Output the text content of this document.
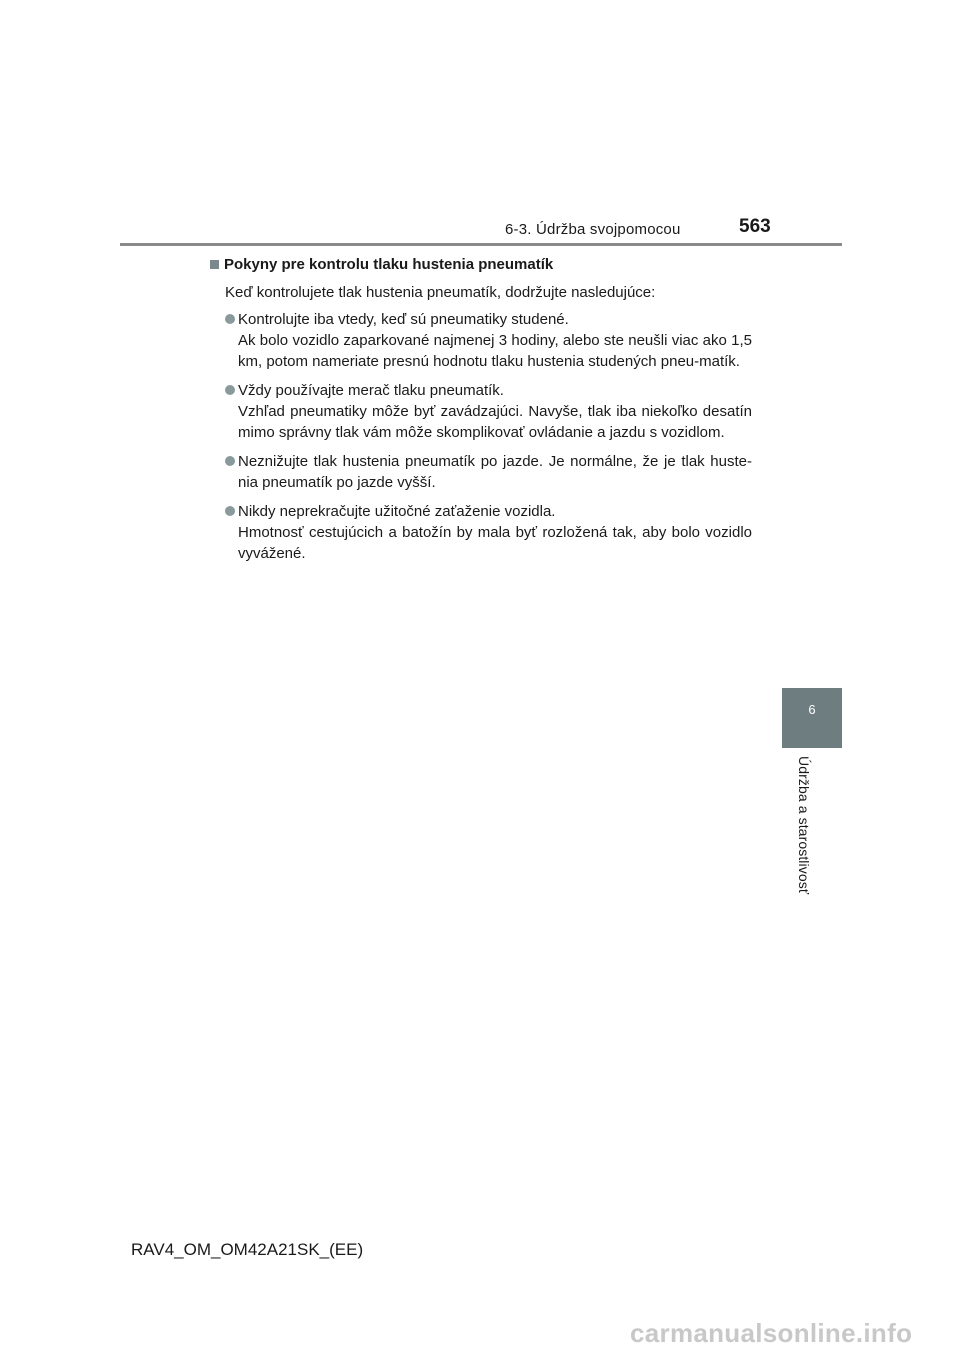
6-3. Údržba svojpomocou	563
6
Údržba a starostlivosť
Pokyny pre kontrolu tlaku hustenia pneumatík
Keď kontrolujete tlak hustenia pneumatík, dodržujte nasledujúce:
Kontrolujte iba vtedy, keď sú pneumatiky studené.
Ak bolo vozidlo zaparkované najmenej 3 hodiny, alebo ste neušli viac ako 1,5 km, potom nameriate presnú hodnotu tlaku hustenia studených pneu-matík.
Vždy používajte merač tlaku pneumatík.
Vzhľad pneumatiky môže byť zavádzajúci. Navyše, tlak iba niekoľko desatín mimo správny tlak vám môže skomplikovať ovládanie a jazdu s vozidlom.
Neznižujte tlak hustenia pneumatík po jazde. Je normálne, že je tlak huste-nia pneumatík po jazde vyšší.
Nikdy neprekračujte užitočné zaťaženie vozidla.
Hmotnosť cestujúcich a batožín by mala byť rozložená tak, aby bolo vozidlo vyvážené.
RAV4_OM_OM42A21SK_(EE)
carmanualsonline.info
